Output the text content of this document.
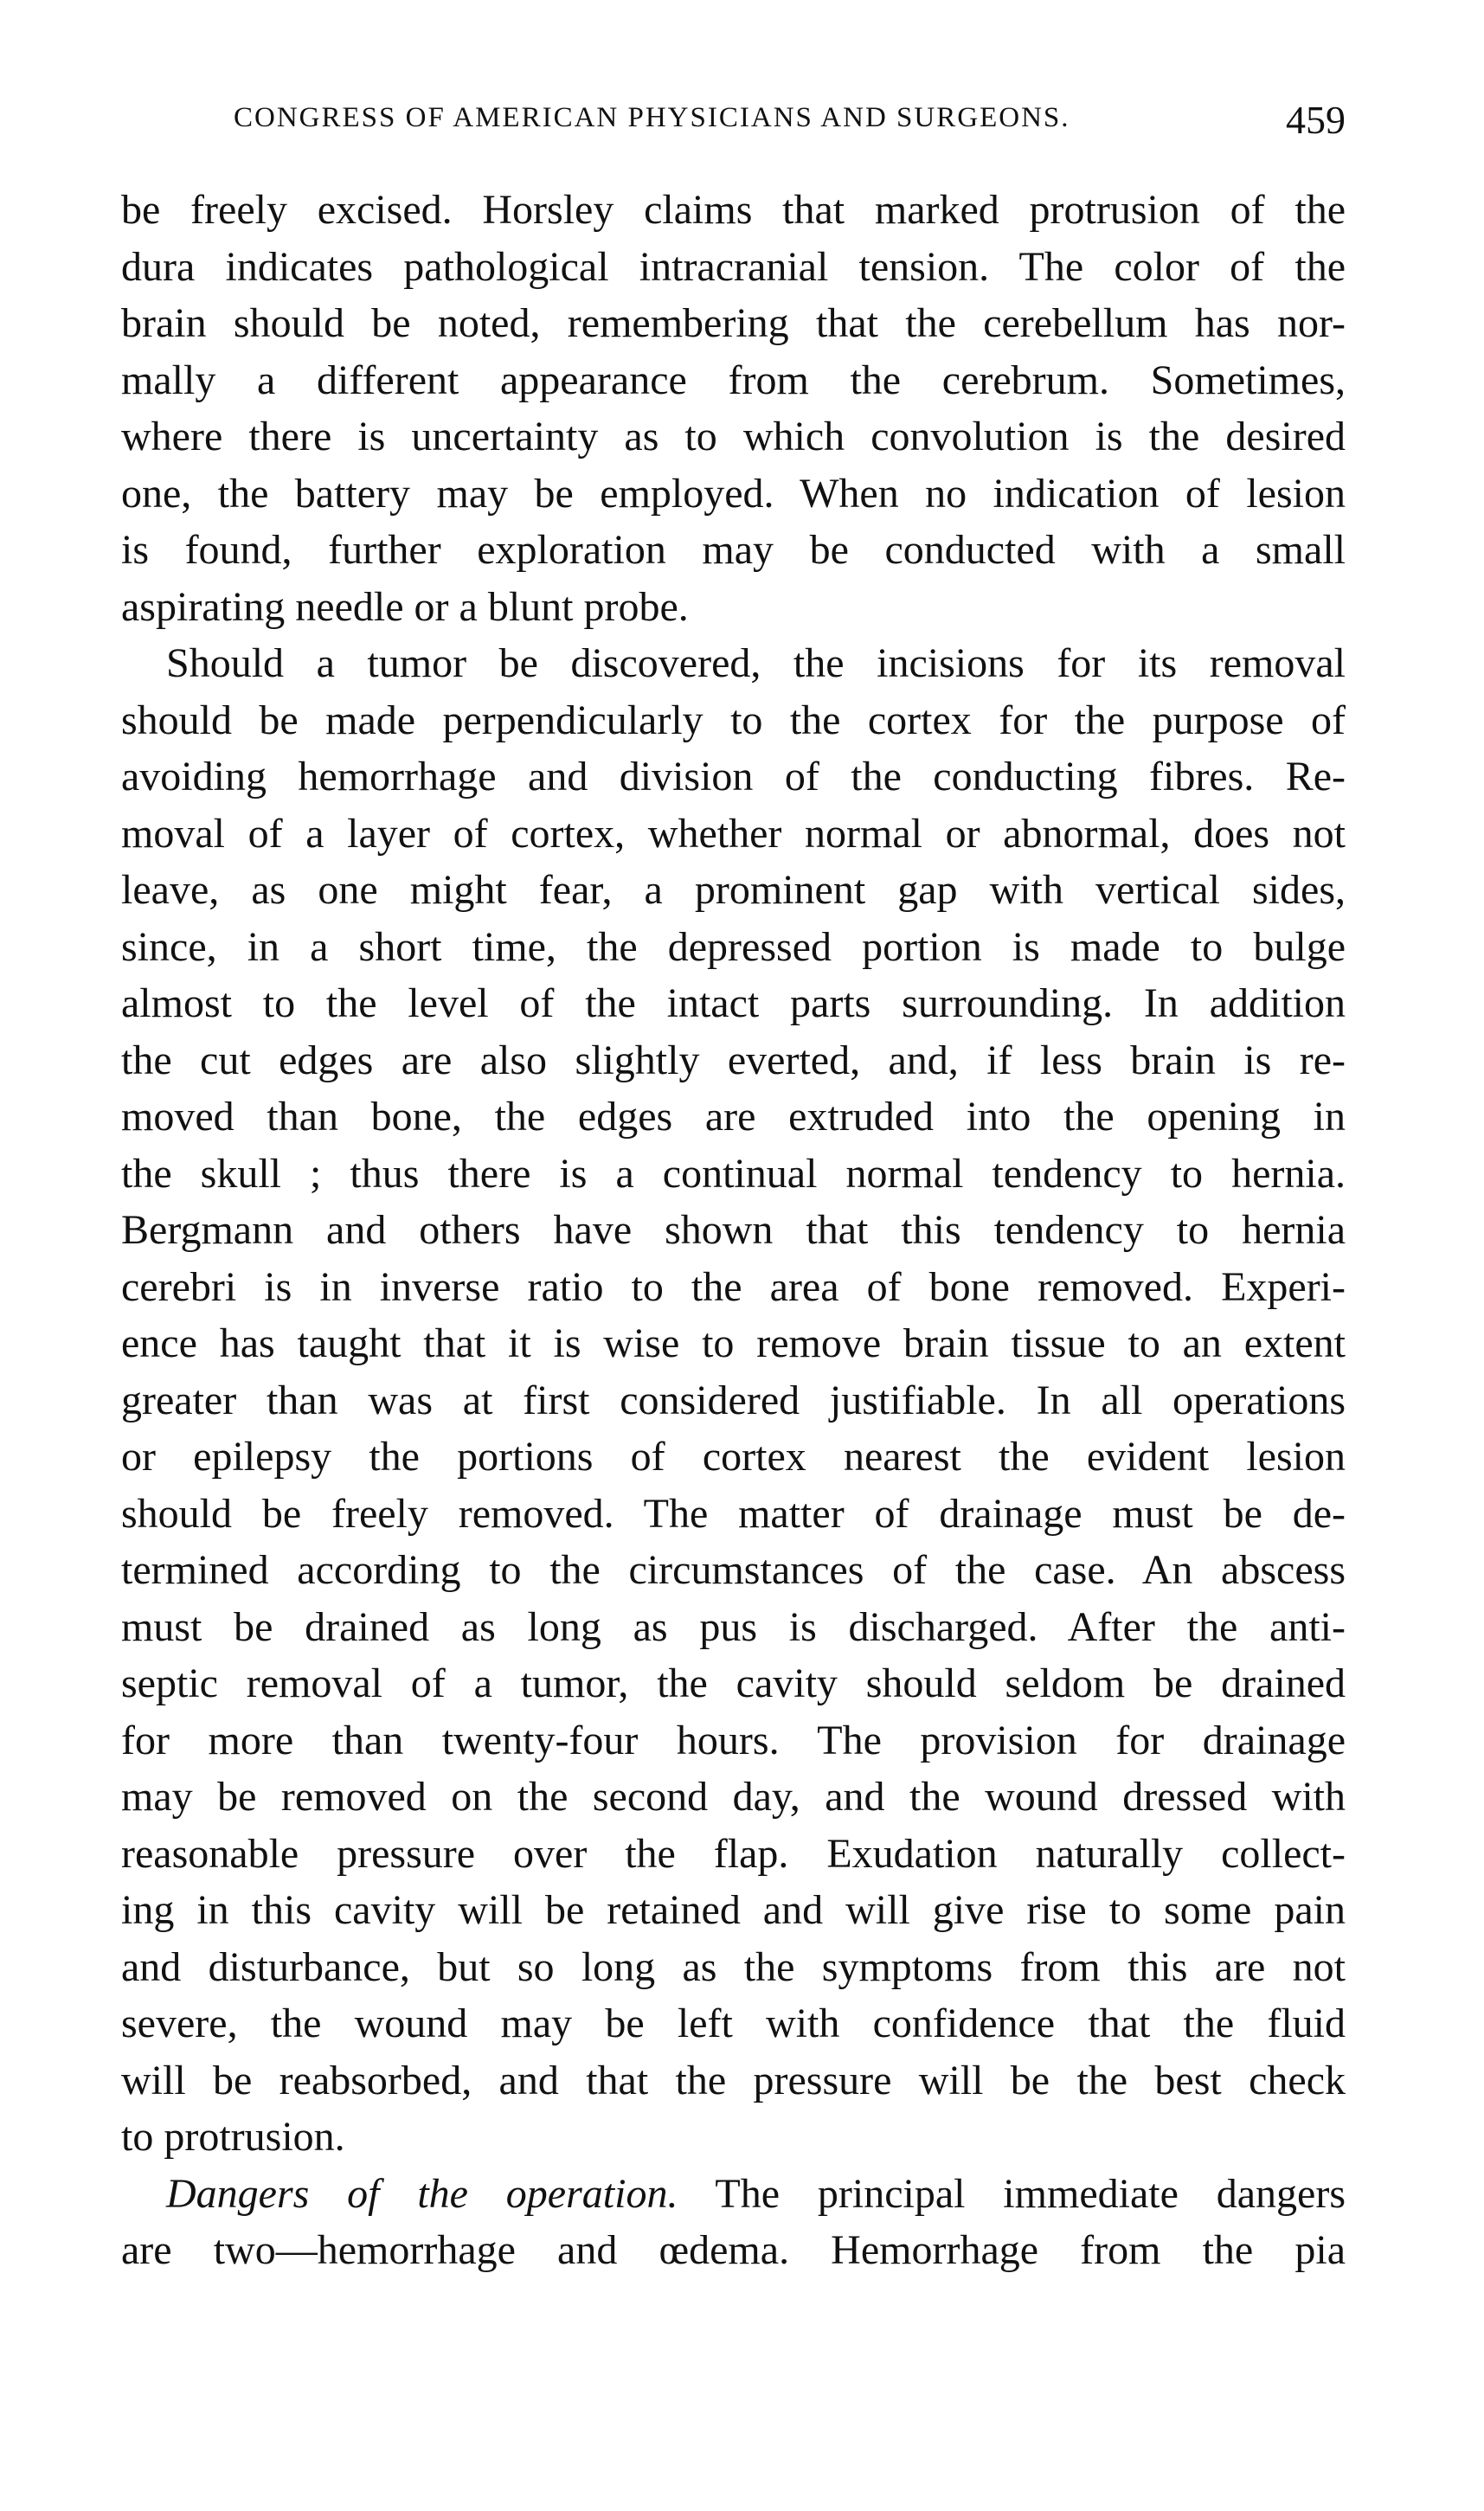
CONGRESS OF AMERICAN PHYSICIANS AND SURGEONS.	459
be freely excised. Horsley claims that marked protrusion of the
dura indicates pathological intracranial tension. The color of the
brain should be noted, remembering that the cerebellum has nor-
mally a different appearance from the cerebrum. Sometimes,
where there is uncertainty as to which convolution is the desired
one, the battery may be employed. When no indication of lesion
is found, further exploration may be conducted with a small
aspirating needle or a blunt probe.
Should a tumor be discovered, the incisions for its removal
should be made perpendicularly to the cortex for the purpose of
avoiding hemorrhage and division of the conducting fibres. Re-
moval of a layer of cortex, whether normal or abnormal, does not
leave, as one might fear, a prominent gap with vertical sides,
since, in a short time, the depressed portion is made to bulge
almost to the level of the intact parts surrounding. In addition
the cut edges are also slightly everted, and, if less brain is re-
moved than bone, the edges are extruded into the opening in
the skull ; thus there is a continual normal tendency to hernia.
Bergmann and others have shown that this tendency to hernia
cerebri is in inverse ratio to the area of bone removed. Experi-
ence has taught that it is wise to remove brain tissue to an extent
greater than was at first considered justifiable. In all operations
or epilepsy the portions of cortex nearest the evident lesion
should be freely removed. The matter of drainage must be de-
termined according to the circumstances of the case. An abscess
must be drained as long as pus is discharged. After the anti-
septic removal of a tumor, the cavity should seldom be drained
for more than twenty-four hours. The provision for drainage
may be removed on the second day, and the wound dressed with
reasonable pressure over the flap. Exudation naturally collect-
ing in this cavity will be retained and will give rise to some pain
and disturbance, but so long as the symptoms from this are not
severe, the wound may be left with confidence that the fluid
will be reabsorbed, and that the pressure will be the best check
to protrusion.
Dangers of the operation. The principal immediate dangers
are two—hemorrhage and œdema. Hemorrhage from the pia
